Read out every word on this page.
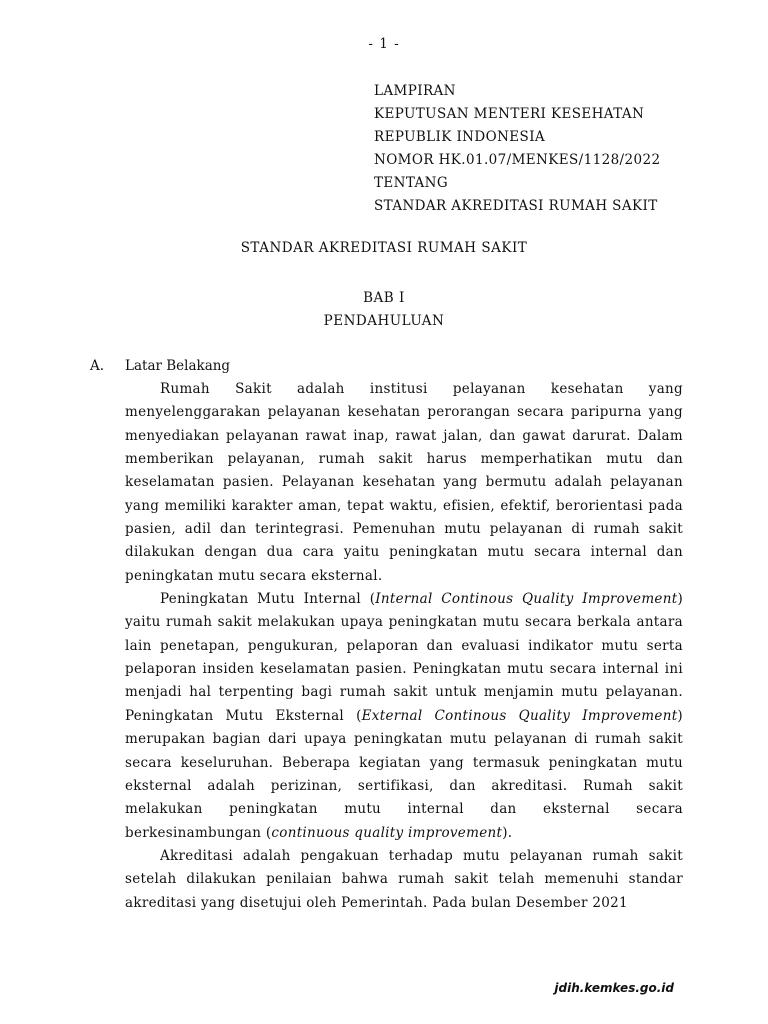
- 1 -
LAMPIRAN
KEPUTUSAN MENTERI KESEHATAN
REPUBLIK INDONESIA
NOMOR HK.01.07/MENKES/1128/2022
TENTANG
STANDAR AKREDITASI RUMAH SAKIT
STANDAR AKREDITASI RUMAH SAKIT
BAB I
PENDAHULUAN
A. Latar Belakang

Rumah Sakit adalah institusi pelayanan kesehatan yang menyelenggarakan pelayanan kesehatan perorangan secara paripurna yang menyediakan pelayanan rawat inap, rawat jalan, dan gawat darurat. Dalam memberikan pelayanan, rumah sakit harus memperhatikan mutu dan keselamatan pasien. Pelayanan kesehatan yang bermutu adalah pelayanan yang memiliki karakter aman, tepat waktu, efisien, efektif, berorientasi pada pasien, adil dan terintegrasi. Pemenuhan mutu pelayanan di rumah sakit dilakukan dengan dua cara yaitu peningkatan mutu secara internal dan peningkatan mutu secara eksternal.

Peningkatan Mutu Internal (Internal Continous Quality Improvement) yaitu rumah sakit melakukan upaya peningkatan mutu secara berkala antara lain penetapan, pengukuran, pelaporan dan evaluasi indikator mutu serta pelaporan insiden keselamatan pasien. Peningkatan mutu secara internal ini menjadi hal terpenting bagi rumah sakit untuk menjamin mutu pelayanan. Peningkatan Mutu Eksternal (External Continous Quality Improvement) merupakan bagian dari upaya peningkatan mutu pelayanan di rumah sakit secara keseluruhan. Beberapa kegiatan yang termasuk peningkatan mutu eksternal adalah perizinan, sertifikasi, dan akreditasi. Rumah sakit melakukan peningkatan mutu internal dan eksternal secara berkesinambungan (continuous quality improvement).

Akreditasi adalah pengakuan terhadap mutu pelayanan rumah sakit setelah dilakukan penilaian bahwa rumah sakit telah memenuhi standar akreditasi yang disetujui oleh Pemerintah. Pada bulan Desember 2021

jdih.kemkes.go.id
